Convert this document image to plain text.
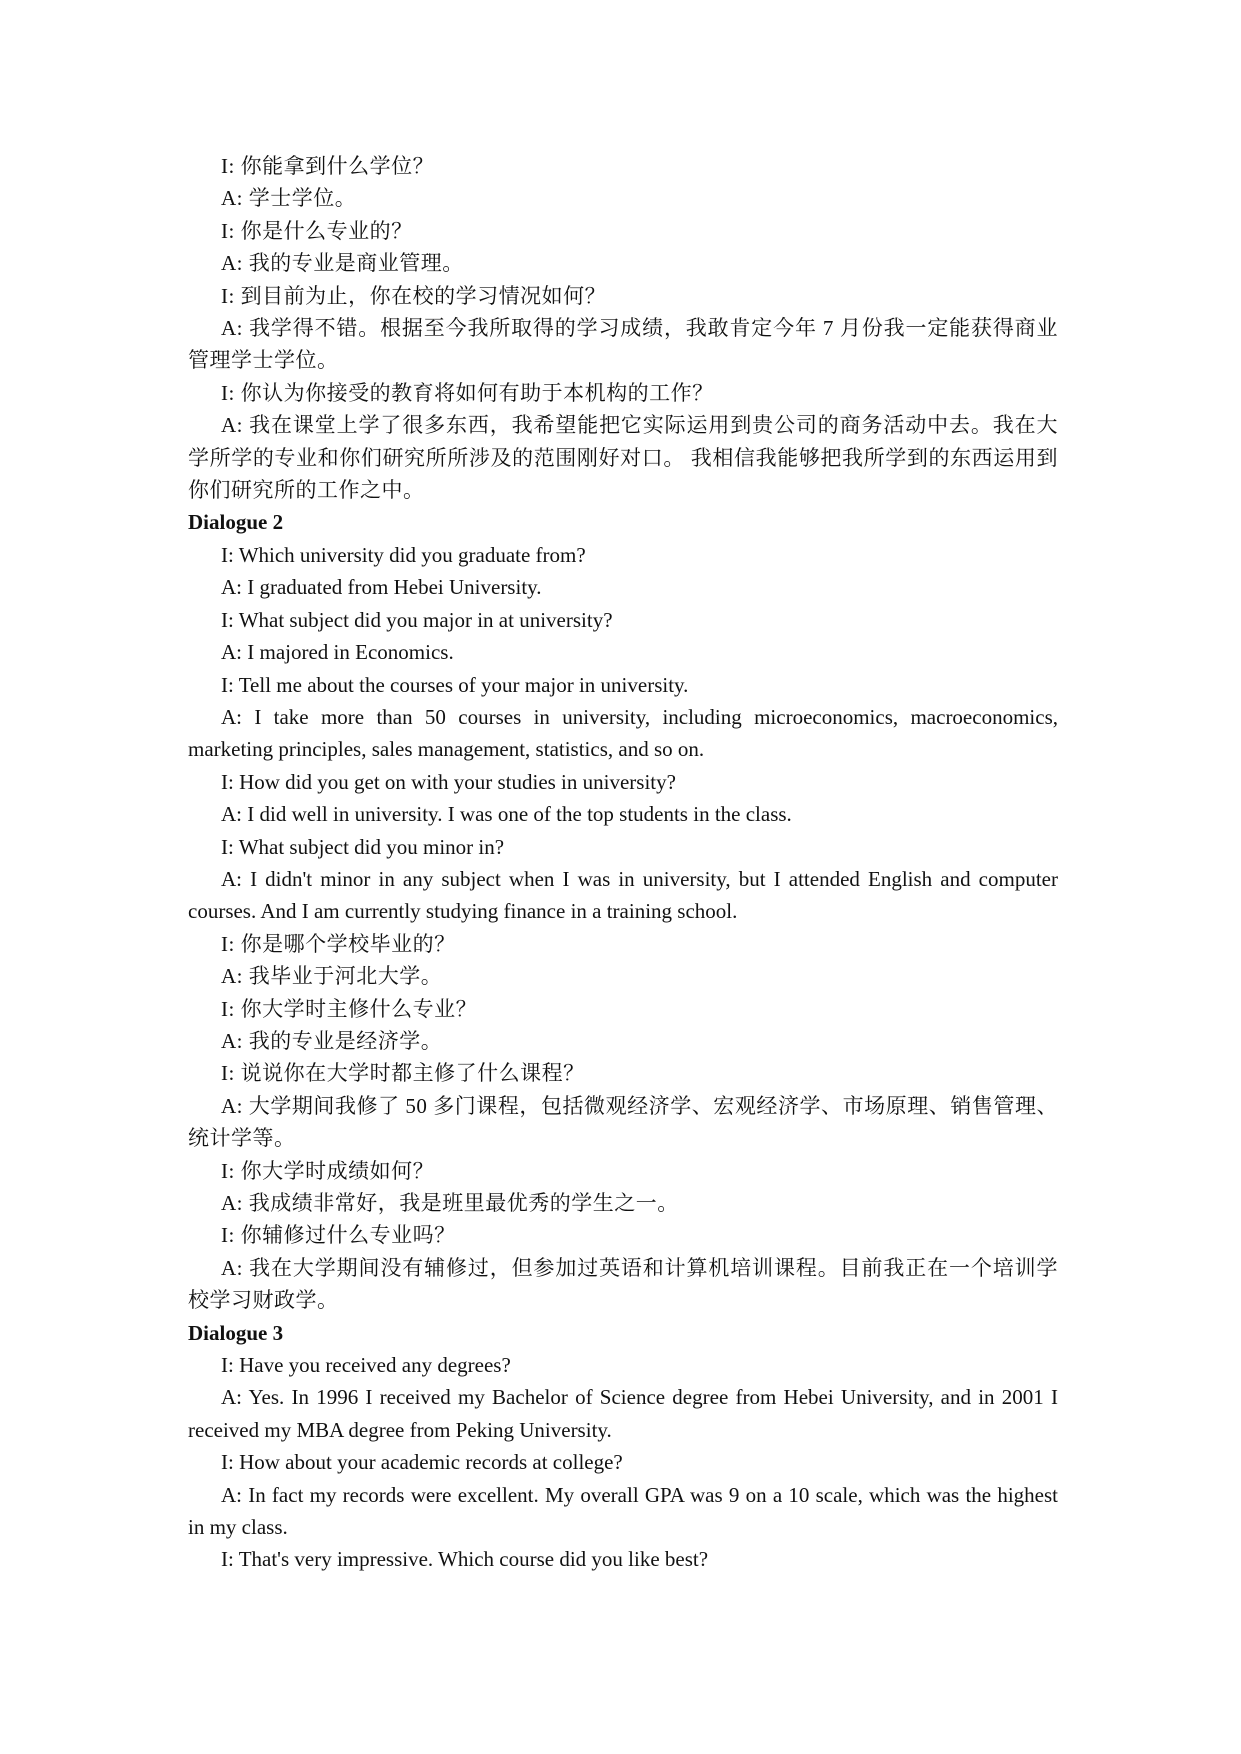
I: 你能拿到什么学位？

A: 学士学位。

I: 你是什么专业的？

A: 我的专业是商业管理。

I: 到目前为止，你在校的学习情况如何？

A: 我学得不错。根据至今我所取得的学习成绩，我敢肯定今年 7 月份我一定能获得商业管理学士学位。

I: 你认为你接受的教育将如何有助于本机构的工作？

A: 我在课堂上学了很多东西，我希望能把它实际运用到贵公司的商务活动中去。我在大学所学的专业和你们研究所所涉及的范围刚好对口。 我相信我能够把我所学到的东西运用到你们研究所的工作之中。

Dialogue 2

I: Which university did you graduate from?

A: I graduated from Hebei University.

I: What subject did you major in at university?

A: I majored in Economics.

I: Tell me about the courses of your major in university.

A: I take more than 50 courses in university, including microeconomics, macroeconomics, marketing principles, sales management, statistics, and so on.

I: How did you get on with your studies in university?

A: I did well in university. I was one of the top students in the class.

I: What subject did you minor in?

A: I didn't minor in any subject when I was in university, but I attended English and computer courses. And I am currently studying finance in a training school.

I: 你是哪个学校毕业的？

A: 我毕业于河北大学。

I: 你大学时主修什么专业？

A: 我的专业是经济学。

I: 说说你在大学时都主修了什么课程？

A: 大学期间我修了 50 多门课程，包括微观经济学、宏观经济学、市场原理、销售管理、统计学等。

I: 你大学时成绩如何？

A: 我成绩非常好，我是班里最优秀的学生之一。

I: 你辅修过什么专业吗？

A: 我在大学期间没有辅修过，但参加过英语和计算机培训课程。目前我正在一个培训学校学习财政学。

Dialogue 3

I: Have you received any degrees?

A: Yes. In 1996 I received my Bachelor of Science degree from Hebei University, and in 2001 I received my MBA degree from Peking University.

I: How about your academic records at college?

A: In fact my records were excellent. My overall GPA was 9 on a 10 scale, which was the highest in my class.

I: That's very impressive. Which course did you like best?
